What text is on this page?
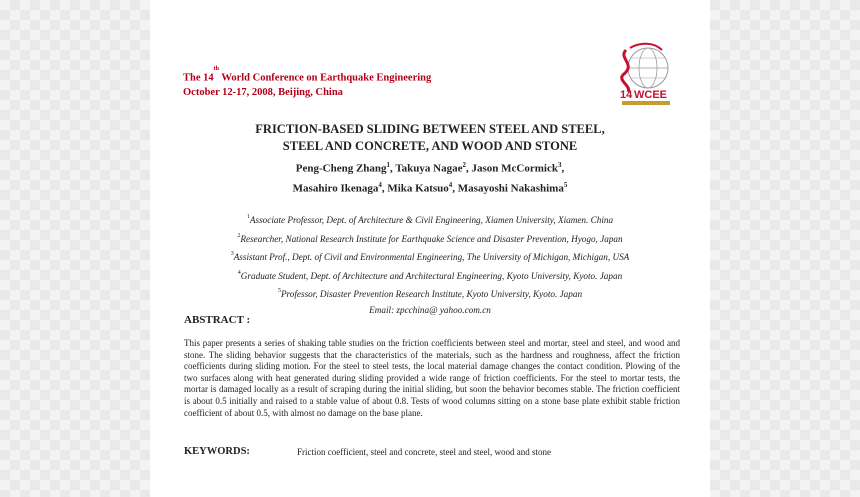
The 14th World Conference on Earthquake Engineering
October 12-17, 2008, Beijing, China	14 WCEE
FRICTION-BASED SLIDING BETWEEN STEEL AND STEEL,
STEEL AND CONCRETE, AND WOOD AND STONE
Peng-Cheng Zhang$^1$, Takuya Nagae$^2$, Jason McCormick$^3$,
Masahiro Ikenaga$^4$, Mika Katsuo$^4$, Masayoshi Nakashima$^5$
$^1$Associate Professor, Dept. of Architecture & Civil Engineering, Xiamen University, Xiamen. China
$^2$Researcher, National Research Institute for Earthquake Science and Disaster Prevention, Hyogo, Japan
$^3$Assistant Prof., Dept. of Civil and Environmental Engineering, The University of Michigan, Michigan, USA
$^4$Graduate Student, Dept. of Architecture and Architectural Engineering, Kyoto University, Kyoto. Japan
$^5$Professor, Disaster Prevention Research Institute, Kyoto University, Kyoto. Japan
Email: zpcchina@ yahoo.com.cn
ABSTRACT :
This paper presents a series of shaking table studies on the friction coefficients between steel and mortar, steel and steel, and wood and stone. The sliding behavior suggests that the characteristics of the materials, such as the hardness and roughness, affect the friction coefficients during sliding motion. For the steel to steel tests, the local material damage changes the contact condition. Plowing of the two surfaces along with heat generated during sliding provided a wide range of friction coefficients. For the steel to mortar tests, the mortar is damaged locally as a result of scraping during the initial sliding, but soon the behavior becomes stable. The friction coefficient is about 0.5 initially and raised to a stable value of about 0.8. Tests of wood columns sitting on a stone base plate exhibit stable friction coefficient of about 0.5, with almost no damage on the base plane.
KEYWORDS:	Friction coefficient, steel and concrete, steel and steel, wood and stone
